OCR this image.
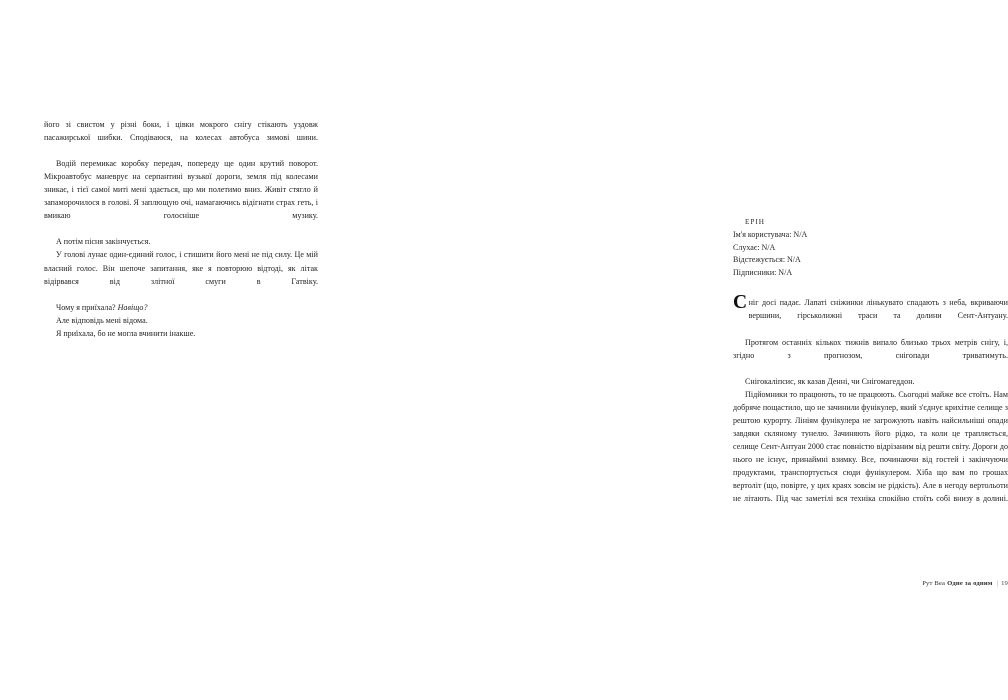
його зі свистом у різні боки, і цівки мокрого снігу стікають уздовж пасажирської шибки. Сподіваюся, на колесах автобуса зимові шини.

Водій перемикає коробку передач, попереду ще один крутий поворот. Мікроавтобус маневрує на серпантині вузької дороги, земля під колесами зникає, і тієї самої миті мені здається, що ми полетимо вниз. Живіт стягло й запаморочилося в голові. Я заплющую очі, намагаючись відігнати страх геть, і вмикаю голосніше музику.

А потім пісня закінчується.

У голові лунає один-єдиний голос, і стишити його мені не під силу. Це мій власний голос. Він шепоче запитання, яке я повторюю відтоді, як літак відірвався від злітної смуги в Гатвіку.

Чому я приїхала? Навіщо?

Але відповідь мені відома.

Я приїхала, бо не могла вчинити інакше.

ЕРІН

Ім'я користувача: N/A
Слухає: N/A
Відстежується: N/A
Підписники: N/A

Сніг досі падає. Лапаті сніжинки лінькувато спадають з неба, вкриваючи вершини, гірськолижні траси та долини Сент-Антуану.

Протягом останніх кількох тижнів випало близько трьох метрів снігу, і, згідно з прогнозом, снігопади триватимуть.

Снігокаліпсис, як казав Денні, чи Снігомагеддон.

Підйомники то працюють, то не працюють. Сьогодні майже все стоїть. Нам добряче пощастило, що не зачинили фунікулер, який з'єднує крихітне селище з рештою курорту. Лініям фунікулера не загрожують навіть найсильніші опади завдяки скляному тунелю. Зачиняють його рідко, та коли це трапляється, селище Сент-Антуан 2000 стає повністю відрізаним від решти світу. Дороги до нього не існує, принаймні взимку. Все, починаючи від гостей і закінчуючи продуктами, транспортується сюди фунікулером. Хіба що вам по грошах вертоліт (що, повірте, у цих краях зовсім не рідкість). Але в негоду вертольоти не літають. Під час заметілі вся техніка спокійно стоїть собі внизу в долині.

Рут Веа Одне за одним | 19
